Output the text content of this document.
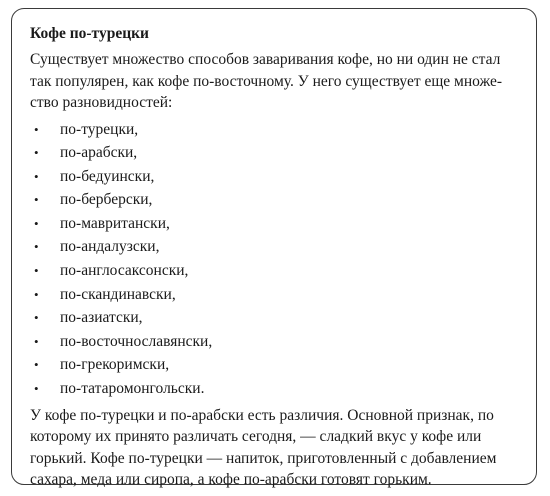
Кофе по-турецки

Существует множество способов заваривания кофе, но ни один не стал
так популярен, как кофе по-восточному. У него существует еще множе-
ство разновидностей:

• по-турецки,
• по-арабски,
• по-бедуински,
• по-берберски,
• по-мавритански,
• по-андалузски,
• по-англосаксонски,
• по-скандинавски,
• по-азиатски,
• по-восточнославянски,
• по-грекоримски,
• по-татаромонгольски.

У кофе по-турецки и по-арабски есть различия. Основной признак, по
которому их принято различать сегодня, — сладкий вкус у кофе или
горький. Кофе по-турецки — напиток, приготовленный с добавлением
сахара, меда или сиропа, а кофе по-арабски готовят горьким.
